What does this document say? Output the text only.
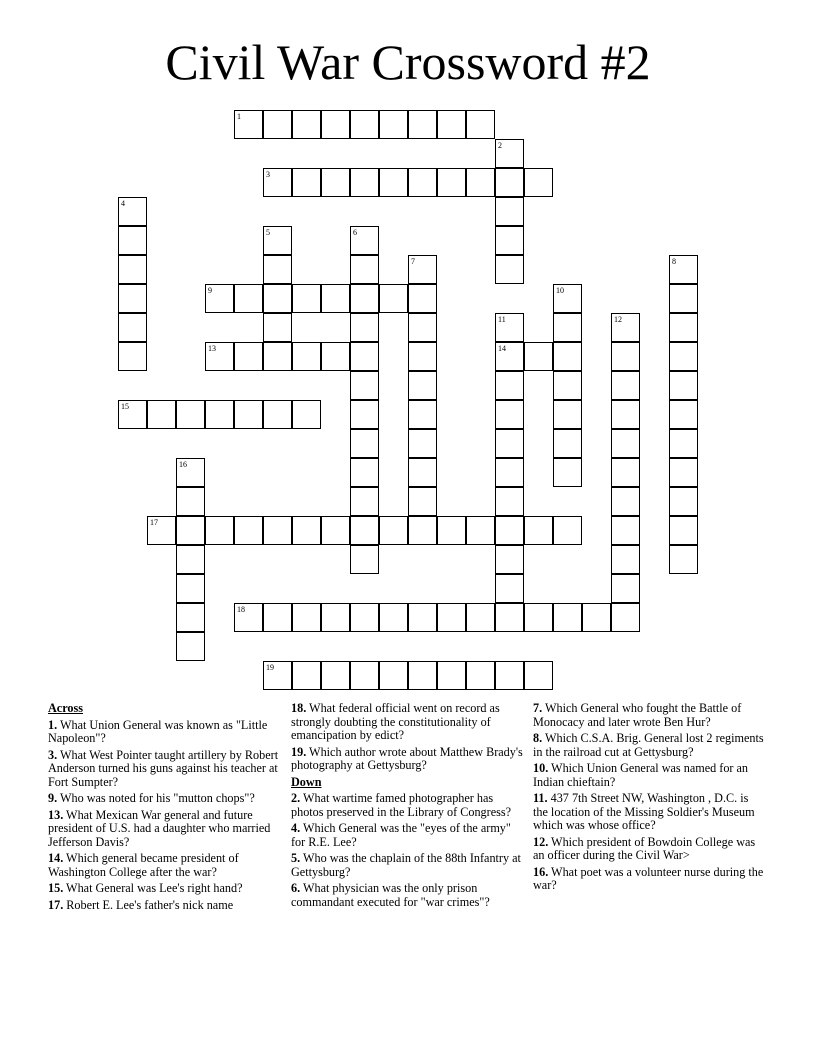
Civil War Crossword #2
1
2
3
4
5	6
7	8
9	10
11	12
13	14
15
16
17
18
19
Across

1. What Union General was known as "Little Napoleon"?

3. What West Pointer taught artillery by Robert Anderson turned his guns against his teacher at Fort Sumpter?

9. Who was noted for his "mutton chops"?

13. What Mexican War general and future president of U.S. had a daughter who married Jefferson Davis?

14. Which general became president of Washington College after the war?

15. What General was Lee's right hand?

17. Robert E. Lee's father's nick name

18. What federal official went on record as strongly doubting the constitutionality of emancipation by edict?

19. Which author wrote about Matthew Brady's photography at Gettysburg?

Down

2. What wartime famed photographer has photos preserved in the Library of Congress?

4. Which General was the "eyes of the army" for R.E. Lee?

5. Who was the chaplain of the 88th Infantry at Gettysburg?

6. What physician was the only prison commandant executed for "war crimes"?

7. Which General who fought the Battle of Monocacy and later wrote Ben Hur?

8. Which C.S.A. Brig. General lost 2 regiments in the railroad cut at Gettysburg?

10. Which Union General was named for an Indian chieftain?

11. 437 7th Street NW, Washington , D.C. is the location of the Missing Soldier's Museum which was whose office?

12. Which president of Bowdoin College was an officer during the Civil War>

16. What poet was a volunteer nurse during the war?
